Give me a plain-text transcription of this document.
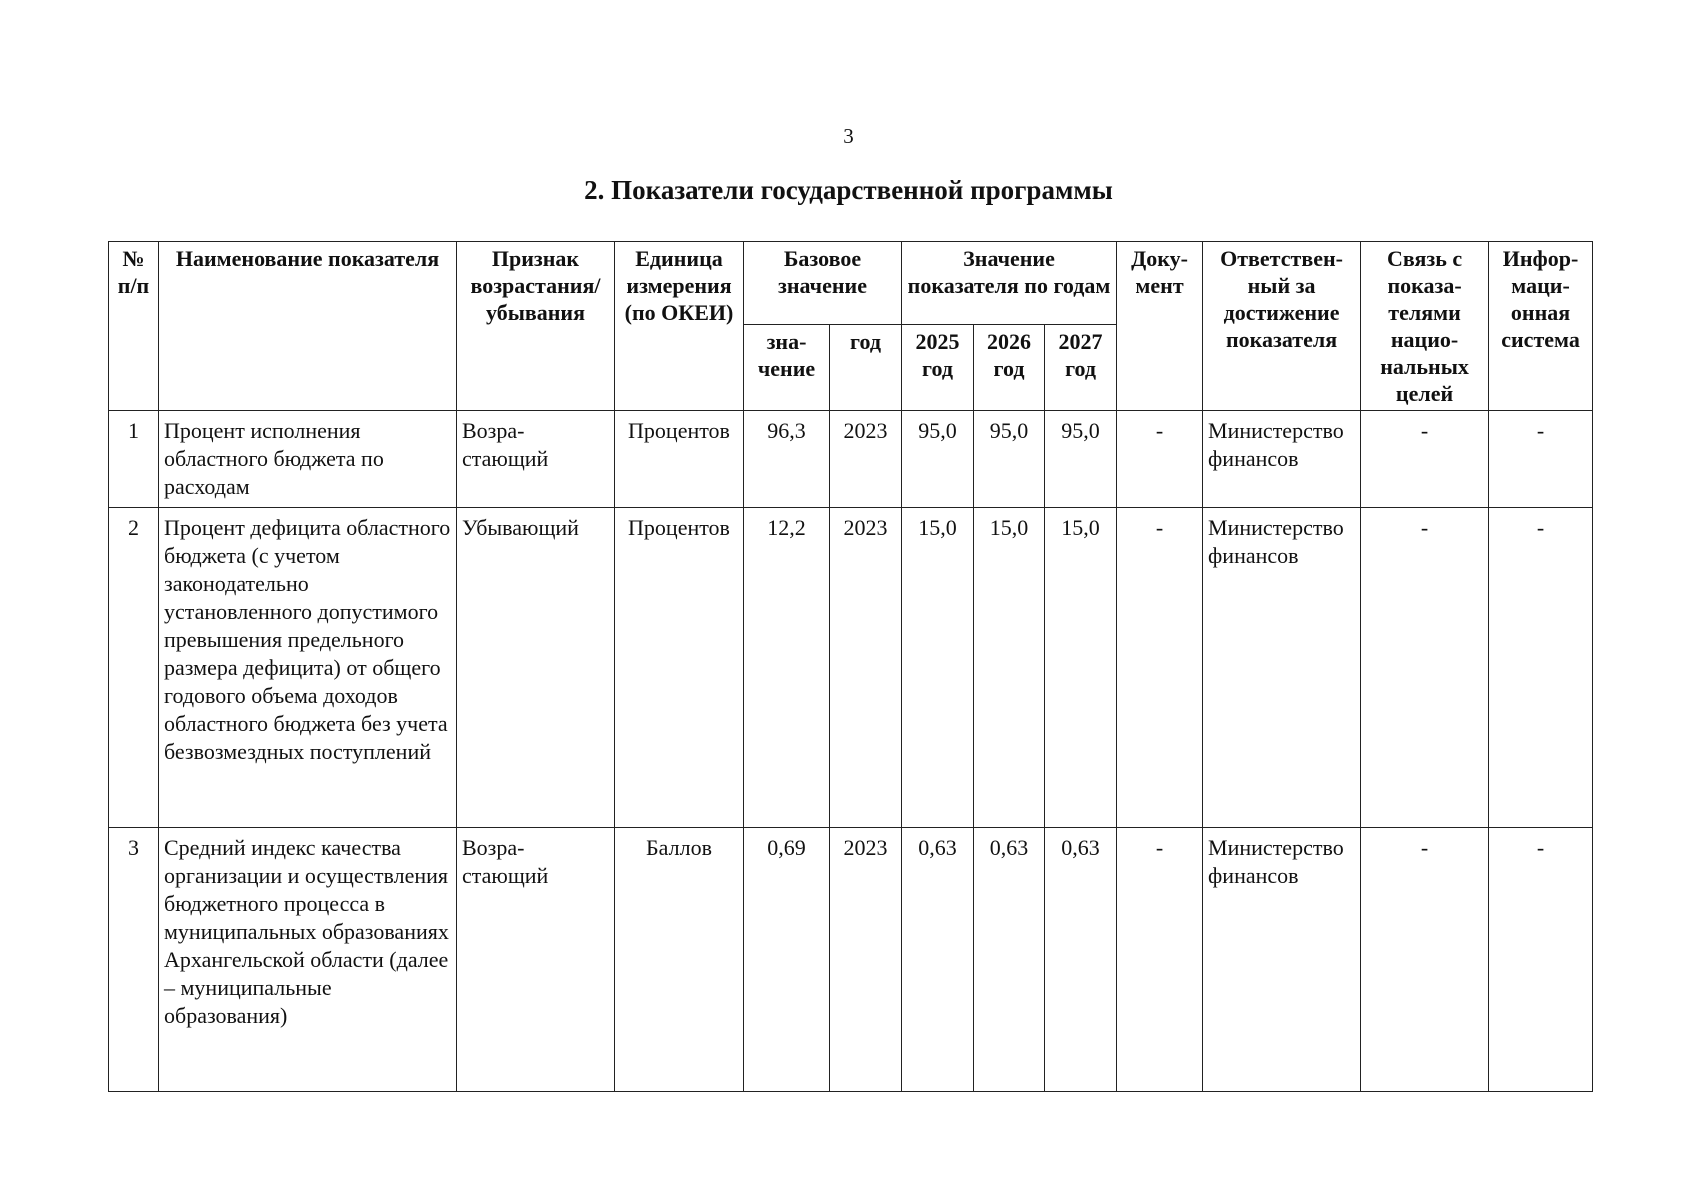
3
2. Показатели государственной программы
№ п/п	Наименование показателя	Признак возрастания/ убывания	Единица измерения (по ОКЕИ)	Базовое значение		Значение показателя по годам			Доку- мент	Ответствен- ный за достижение показателя	Связь с показа- телями нацио- нальных целей	Инфор- маци- онная система
				зна- чение	год	2025 год	2026 год	2027 год				
1	Процент исполнения областного бюджета по расходам	Возра- стающий	Процентов	96,3	2023	95,0	95,0	95,0	-	Министерство финансов	-	-
2	Процент дефицита областного бюджета (с учетом законодательно установленного допустимого превышения предельного размера дефицита) от общего годового объема доходов областного бюджета без учета безвозмездных поступлений	Убывающий	Процентов	12,2	2023	15,0	15,0	15,0	-	Министерство финансов	-	-
3	Средний индекс качества организации и осуществления бюджетного процесса в муниципальных образованиях Архангельской области (далее – муниципальные образования)	Возра- стающий	Баллов	0,69	2023	0,63	0,63	0,63	-	Министерство финансов	-	-
